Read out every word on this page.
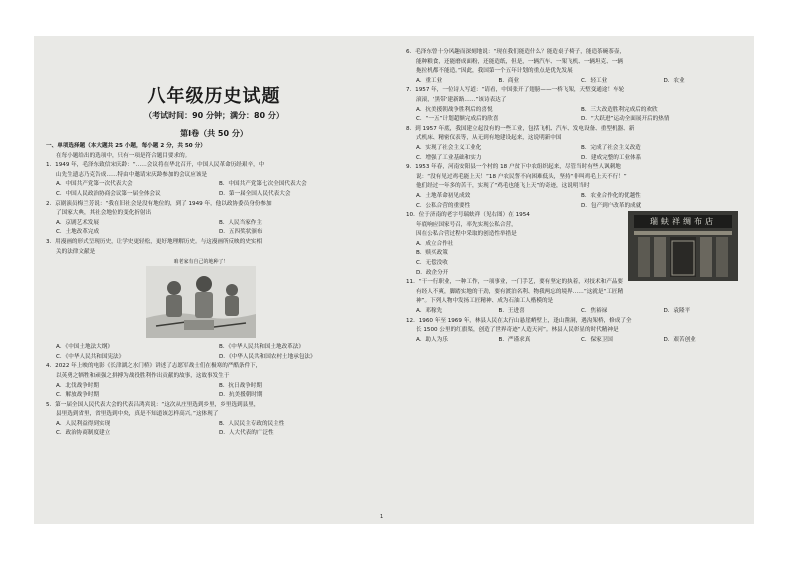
八年级历史试题
（考试时间：90 分钟；满分：80 分）
第Ⅰ卷（共 50 分）
一、单项选择题（本大题共 25 小题，每小题 2 分，共 50 分）
在每小题给出的选项中，只有一项是符合题目要求的。
1．1949 年，毛泽东致信宋庆龄：“……会议将在华北召开，中国人民革命历经艰辛，中
山先生遗志乃克告成……特由中邀请宋庆龄参加的会议应该是
A．中国共产党第一次代表大会	B．中国共产党第七次全国代表大会
C．中国人民政治协商会议第一届全体会议	D．第一届全国人民代表大会
2．京剧演员梅兰芳说：“我在旧社会是没有地位的，到了 1949 年，他以政协委员身份参加
了国家大典，其社会地位的变化折射出
A．京剧艺术发展	B．人民当家作主
C．土地改革完成	D．五四奖状颁布
3．用漫画的形式呈现历史，让学史更轻松，更好地理解历史。与这漫画所反映的史实相
关的法律文献是
咱老家有自己的地种了！
A．《中国土地法大纲》	B．《中华人民共和国土地改革法》
C．《中华人民共和国宪法》	D．《中华人民共和国农村土地承包法》
4．2022 年上映的电影《长津湖之水门桥》讲述了志愿军战士们在极寒的严酷条件下，
以英勇之牺牲和顽强之拼搏为战役胜利作出贡献的故事，这故事发生于
A．北伐战争时期	B．抗日战争时期
C．解放战争时期	D．抗美援朝时期
5．第一届全国人民代表大会的代表吕鸿宾说：“这次从庄里选到乡里，乡里选到县里，
县里选到省里，省里选到中央，真是不知道该怎样高兴。”这体现了
A．人民利益得到实现	B．人民民主专政的民主性
C．政治协商制度建立	D．人大代表的广泛性
6．毛泽东曾十分风趣而深刻地说：“现在我们能造什么？能造桌子椅子，能造茶碗茶壶，
能种粮食，还能磨成面粉，还能造纸，但是，一辆汽车、一架飞机、一辆坦克、一辆
拖拉机都不能造。”因此，我国第一个五年计划的重点是优先发展
A．重工业	B．商业	C．轻工业	D．农业
7．1957 年，一位诗人写道：“请看，中国张开了翅膀——一桥飞架，天堑变通途！车轮
滚滚，‘黑带’建新路……”该诗表达了
A．抗美援朝战争胜利后的喜悦	B．三大改造胜利完成后的欢欣
C．“一五”计划超额完成后的欣喜	D．“大跃进”运动全面展开后的热情
8．到 1957 年底，我国建立起没有的一些工业，包括飞机、汽车、发电设备、重型机器、新
式机床、精密仪表等，从无到有地建设起来，这说明新中国
A．实现了社会主义工业化	B．完成了社会主义改造
C．增强了工业基础和实力	D．建成完整的工业体系
9．1953 年春，河南安阳县一个村的 18 户贫下中农组织起来，尽管当时有些人讽刺地
说：“没有见过鸡毛能上天！”18 户农民誓不向困难低头，坚持“非叫鸡毛上天不行！”
他们经过一年多的苦干，实现了“鸡毛也能飞上天”的奇迹，这说明当时
A．土地革命初见成效	B．农业合作化的优越性
C．公私合营的重要性	D．包产到户改革的成就
瑞蚨祥绸布店
10．位于济南的老字号瑞蚨祥（见右图）在 1954
年底响应国家号召，率先实现公私合营，
因在公私合营过程中采取的创造性举措是
A．成立合作社
B．赎买政策
C．无偿没收
D．政企分开
11．“干一行职业，一种工作，一项事业，一门手艺，要有坚定的执着，对技术和产品要
有经人不爽，脚踏实地的干劲，要有渡泊名利、物我两忘的境界……”这就是“工匠精
神”。下列人物中发扬工匠精神、成为石油工人楷模的是
A．邓稼先	B．王进喜	C．焦裕禄	D．袁隆平
12．1960 年至 1969 年，林县人民在太行山悬崖峭壁上，逢山凿洞，遇沟架桥，修成了全
长 1500 公里的红旗渠，创造了世界奇迹“人造天河”。林县人民彰显的时代精神是
A．助人为乐	B．严谨求真	C．保家卫国	D．艰苦创业
1
